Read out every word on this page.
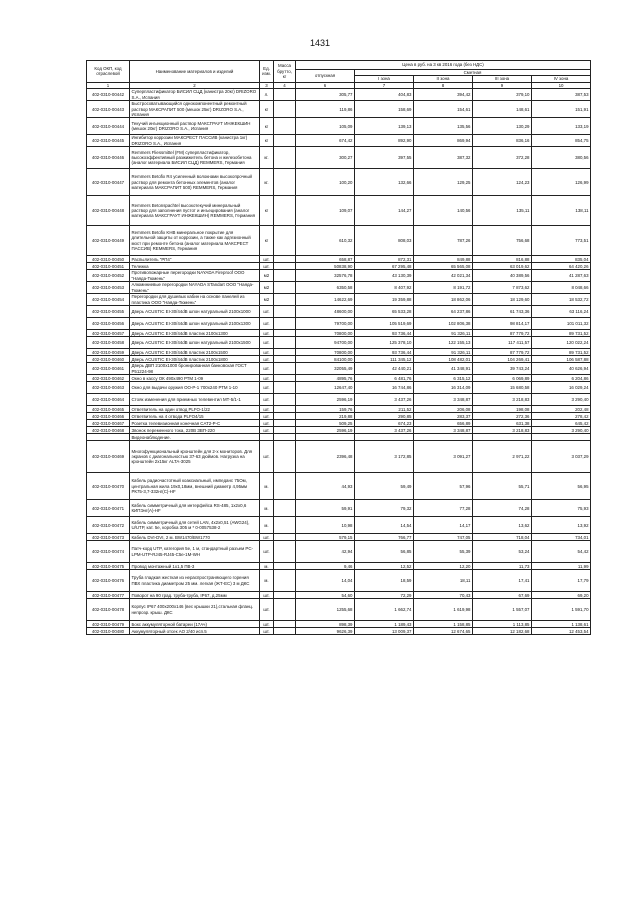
1431
Код ОКП, код отраслевой	Наименование материалов и изделий	Ед. изм.	Масса брутто, кг	Цена в руб. на 3 кв 2016 года (без НДС)				
				отпускная	Сметная			
					I зона	II зона	III зона	IV зона
1	2	3	4	6	7	8	9	10
402-0310-00442	Суперпластификатор БИСИЛ СЦД (канистра 20кг) DRIZORO S.A., Испания	л.		305,77	404,83	394,42	379,10	387,53
402-0310-00443	Быстросхватывающийся однокомпонентный ремонтный раствор МАКСРАПИТ 500 (мешок 25кг) DRIZORO S.A., Испания	кг		119,86	158,69	154,61	148,61	151,91
402-0310-00444	Текучий инъекционный раствор МАКСГРАУТ ИНЖЕКШИН (мешок 20кг) DRIZORO S.A., Испания	кг		105,09	139,13	135,56	130,29	133,19
402-0310-00445	Ингибитор коррозии МАКСРЕСТ ПАССИВ (канистра 1кг) DRIZORO S.A., Испания	кг		674,42	892,90	869,94	836,16	854,75
402-0310-00446	Remmers Fliessmittel (FM) суперпластификатор, высокоэффективный разжижитель бетона и железобетона (аналог материала БИСИЛ СЦД) REMMERS, Германия	кг.		300,27	397,55	387,32	372,28	380,56
402-0310-00447	Remmers Betofix R4 усиленный волокнами высокопрочный раствор для ремонта бетонных элементов (аналог материала МАКСРАПИТ 500) REMMERS, Германия	кг.		100,20	132,66	129,25	124,23	126,99
402-0310-00448	Remmers Betonspachtel высокотекучий минеральный раствор для заполнения пустот и инъецирования (аналог материала МАКСГРАУТ ИНЖЕКШИН) REMMERS, Германия	кг		109,07	144,27	140,56	135,11	138,11
402-0310-00449	Remmers Betofix KHB минеральное покрытие для длительной защиты от коррозии, а также как адгезионный мост при ремонте бетона (аналог материала МАКСРЕСТ ПАССИВ) REMMERS, Германия	кг		610,32	808,03	787,26	756,68	773,51
402-0310-00450	Распылитель "РП4"	шт.		658,87	872,31	849,88	816,88	835,04
402-0310-00451	Тележка	шт.		50838,90	67 295,48	65 565,08	63 019,62	64 420,26
402-0310-00452	Противопожарные перегородки NAYADA Fireproof ООО "Наяда-Тюмень"	м2		32576,78	43 130,39	42 021,34	40 389,56	41 287,63
402-0310-00453	Алюминиевые перегородки NAYADA STandart ООО "Наяда-Тюмень"	м2		6350,58	8 407,92	8 191,72	7 873,62	8 048,66
402-0310-00454	Перегородки для душевых кабин на основе панелей из пластика ООО "Наяда-Тюмень"	м2		14622,69	19 359,88	18 862,06	18 129,60	18 532,72
402-0310-00455	Дверь ACUSTIC EI-30/44dB шпон натуральный 2100х1000	шт.		48600,00	65 533,28	64 237,86	61 743,36	63 116,24
402-0310-00456	Дверь ACUSTIC EI-30/44dB шпон натуральный 2100х1300	шт.		79700,00	105 519,69	102 806,38	98 814,17	101 011,32
402-0310-00457	Дверь ACUSTIC EI-30/44dB пластик 2100х1300	шт.		70800,00	93 736,44	91 326,11	87 779,72	89 731,52
402-0310-00458	Дверь ACUSTIC EI-30/44dB шпон натуральный 2100х1500	шт.		94700,00	125 378,10	122 155,13	117 411,57	120 022,24
402-0310-00459	Дверь ACUSTIC EI-30/44dB пластик 2100х1500	шт.		70800,00	93 736,44	91 326,11	87 779,72	89 731,52
402-0310-00460	Дверь ACUSTIC EI-30/44dB пластик 2100х1800	шт.		84100,00	111 345,12	108 482,01	104 269,41	106 587,88
402-0310-00461	Дверь ДВП 2100х1000 бронированная банковская ГОСТ Р51224-98	шт.		32055,49	42 440,21	41 348,91	39 743,24	40 626,94
402-0310-00462	Окно в кассу ОК 490х490 РТМ 1-09	шт.		4895,76	6 481,76	6 315,12	6 069,89	6 204,86
402-0310-00463	Окно для выдачи оружия ОО-Р-1 700х240 РТМ 1-10	шт.		12647,40	16 744,86	16 314,09	15 680,58	16 029,24
402-0310-00464	Стояк изменения для приемных телевентил МТ-5/1-1	шт.		2596,19	3 437,26	3 348,87	3 218,83	3 290,40
402-0310-00465	Ответвитель на один отвод PLFO-1/22	шт.		159,76	211,52	206,08	198,08	202,48
402-0310-00466	Ответвитель на 4 отвода PLFO4/15	шт.		219,88	290,85	283,37	272,36	278,42
402-0310-00467	Розетка телевизионная конечная CAT2-P-C	шт.		509,25	674,23	656,89	631,38	645,42
402-0310-00468	Звонок переменного тока, 220В ЗВП-220	шт.		2596,19	3 437,26	3 348,87	3 218,83	3 290,40
	Видеонаблюдение.							
402-0310-00469	Многофункциональный кронштейн для 2-х мониторов. Для экранов с диагональностью 37-63 дюймов. Нагрузка на кронштейн 2х15кг ALTA-3025	шт.		2396,48	3 172,85	3 091,27	2 971,22	3 037,29
402-0310-00470	Кабель радиочастотный коаксиальный, импеданс 75Ом, центральная жила 19х0,18мм, внешний диаметр 4,95мм РК75-3,7-332нг(С)-HF	м.		44,93	59,49	57,96	55,71	56,95
402-0310-00471	Кабель симметричный для интерфейса RS-485, 1х2х0,6 КИПЭнг(А)-HF	м.		59,91	79,32	77,28	74,28	75,93
402-0310-00472	Кабель симметричный для сетей LAN, 4х2х0,51 (AWG24), U/UTP, кат. 5е, коробка 305 м * 0-0057538-2	м.		10,98	14,54	14,17	13,62	13,92
402-0310-00473	Кабель DVI-DVI, 2 м. BW1470/BW1770	шт.		579,15	766,77	747,05	718,04	734,01
402-0310-00474	Патч-корд UTP, категория 5е, 1 м, стандартный разъем PC-LPM-UTP-RJ45-RJ45-C5e-1M-WH	шт.		42,94	56,85	55,39	53,24	54,42
402-0310-00475	Провод монтажный 1х1,5 ПВ-3	м.		9,46	12,52	12,20	11,73	11,99
402-0310-00476	Труба гладкая жесткая из нераспространяющего горения ПВХ пластика диаметром 25 мм. легкая (ЖТ-ЕС) 3 м ДКС	м.		14,04	18,59	18,11	17,41	17,79
402-0310-00477	Поворот на 90 град. труба-труба, IP67, д.25мм	шт.		54,60	72,29	70,43	67,69	69,20
402-0310-00478	Корпус IP67 400х200х146 (вес крышки 21),стальная фланц. непрозр. крыш. ДКС	шт.		1255,68	1 662,74	1 619,98	1 557,07	1 591,70
402-0310-00479	Бокс аккумуляторной батареи (17Ач)	шт.		898,39	1 189,43	1 158,85	1 113,85	1 138,61
402-0310-00480	Аккумуляторный отсек АО 2/40 исп.5	шт.		9626,39	13 009,37	12 674,65	12 182,68	12 453,54
